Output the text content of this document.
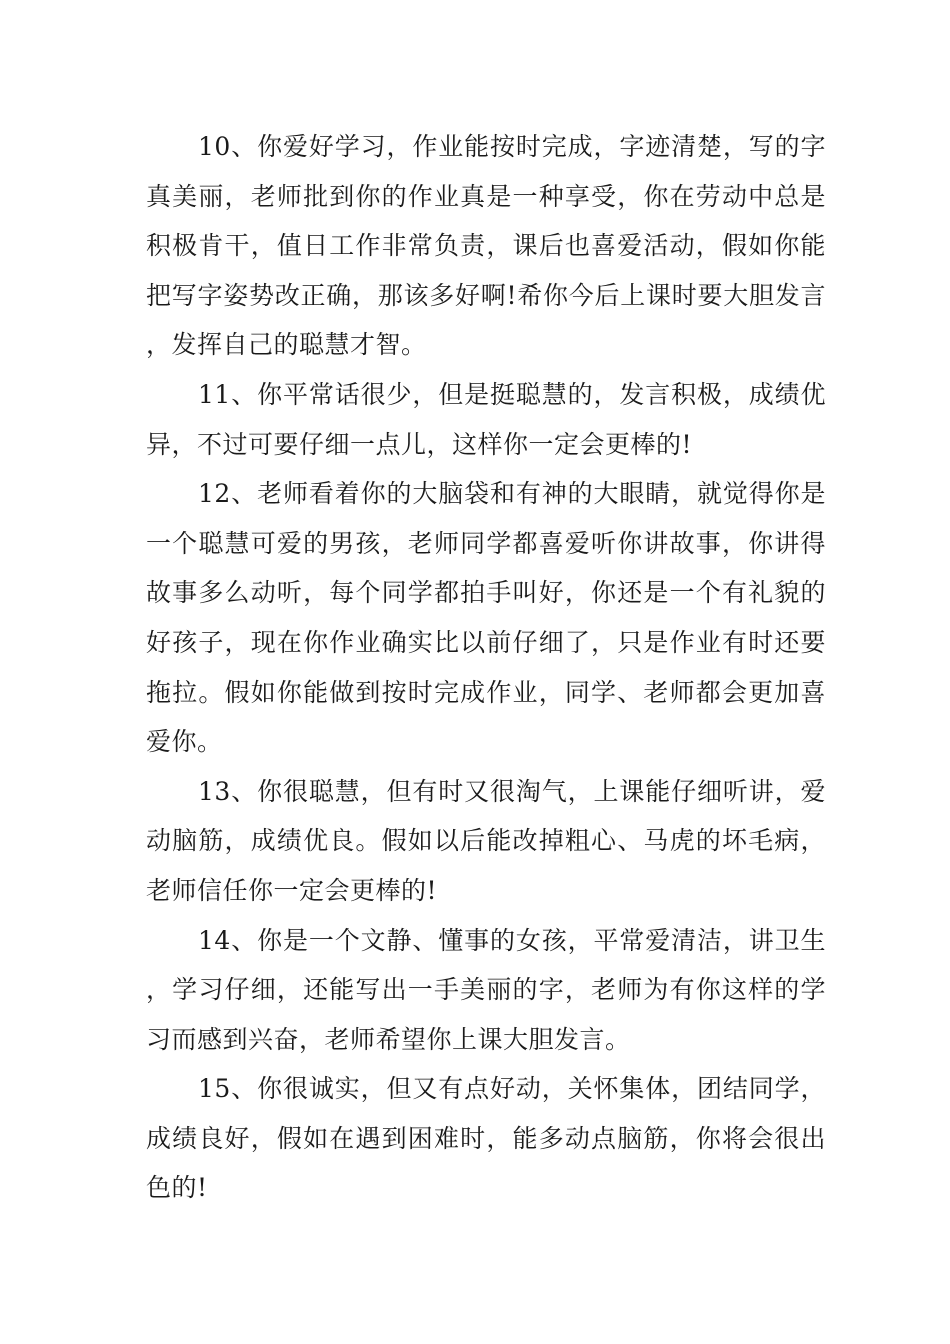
10、你爱好学习，作业能按时完成，字迹清楚，写的字真美丽，老师批到你的作业真是一种享受，你在劳动中总是积极肯干，值日工作非常负责，课后也喜爱活动，假如你能把写字姿势改正确，那该多好啊!希你今后上课时要大胆发言，发挥自己的聪慧才智。

11、你平常话很少，但是挺聪慧的，发言积极，成绩优异，不过可要仔细一点儿，这样你一定会更棒的!

12、老师看着你的大脑袋和有神的大眼睛，就觉得你是一个聪慧可爱的男孩，老师同学都喜爱听你讲故事，你讲得故事多么动听，每个同学都拍手叫好，你还是一个有礼貌的好孩子，现在你作业确实比以前仔细了，只是作业有时还要拖拉。假如你能做到按时完成作业，同学、老师都会更加喜爱你。

13、你很聪慧，但有时又很淘气，上课能仔细听讲，爱动脑筋，成绩优良。假如以后能改掉粗心、马虎的坏毛病，老师信任你一定会更棒的!

14、你是一个文静、懂事的女孩，平常爱清洁，讲卫生，学习仔细，还能写出一手美丽的字，老师为有你这样的学习而感到兴奋，老师希望你上课大胆发言。

15、你很诚实，但又有点好动，关怀集体，团结同学，成绩良好，假如在遇到困难时，能多动点脑筋，你将会很出色的!
